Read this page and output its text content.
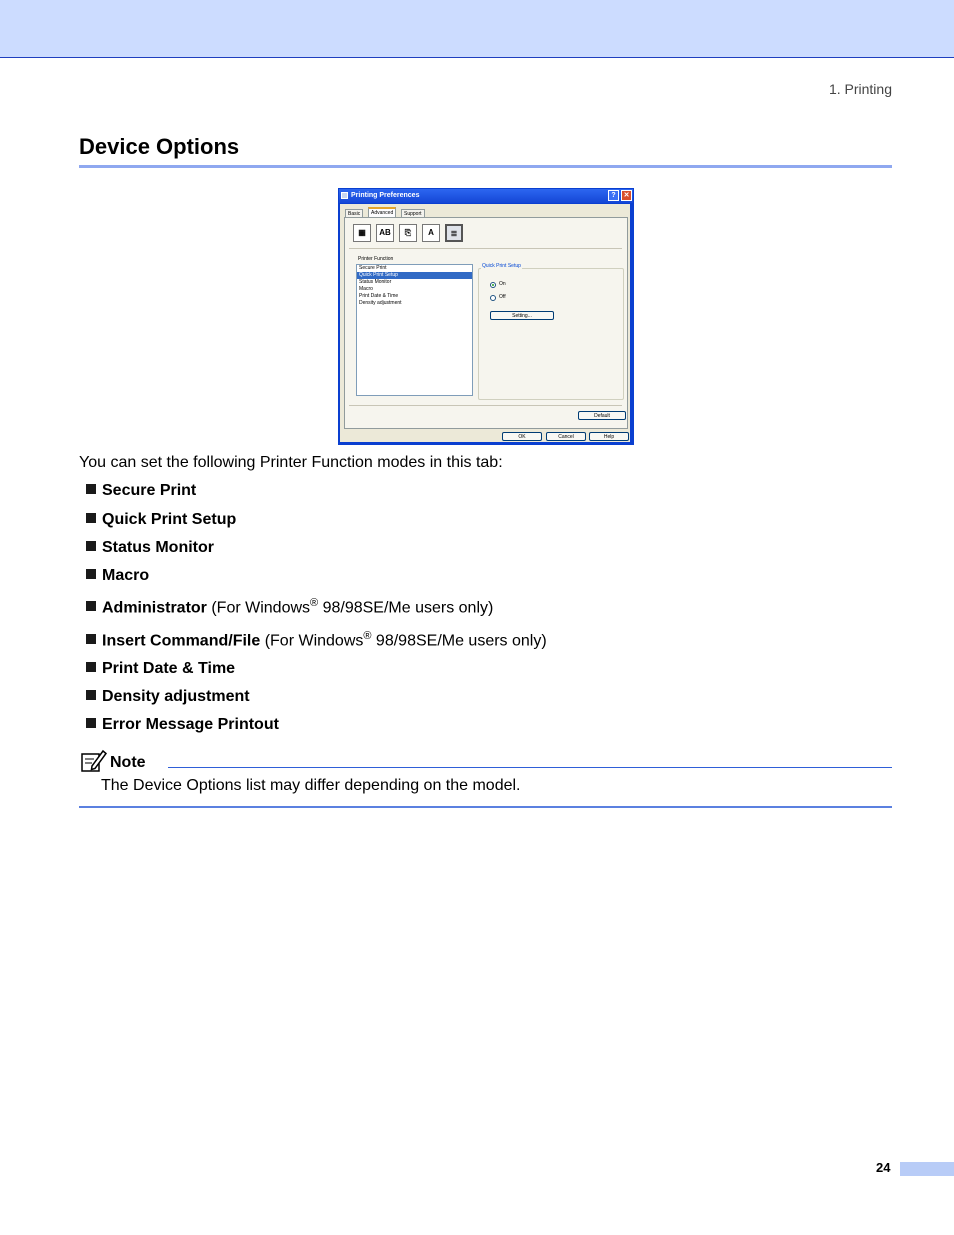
1. Printing
Device Options
Printing Preferences	?	✕
Basic	Advanced	Support
▦	AB	⎘	A	≣
Printer Function
Secure Print
Quick Print Setup
Status Monitor
Macro
Print Date & Time
Density adjustment
Quick Print Setup
On
Off
Setting...
Default
OK	Cancel	Help
You can set the following Printer Function modes in this tab:
Secure Print
Quick Print Setup
Status Monitor
Macro
Administrator (For Windows® 98/98SE/Me users only)
Insert Command/File (For Windows® 98/98SE/Me users only)
Print Date & Time
Density adjustment
Error Message Printout
Note
The Device Options list may differ depending on the model.
24
